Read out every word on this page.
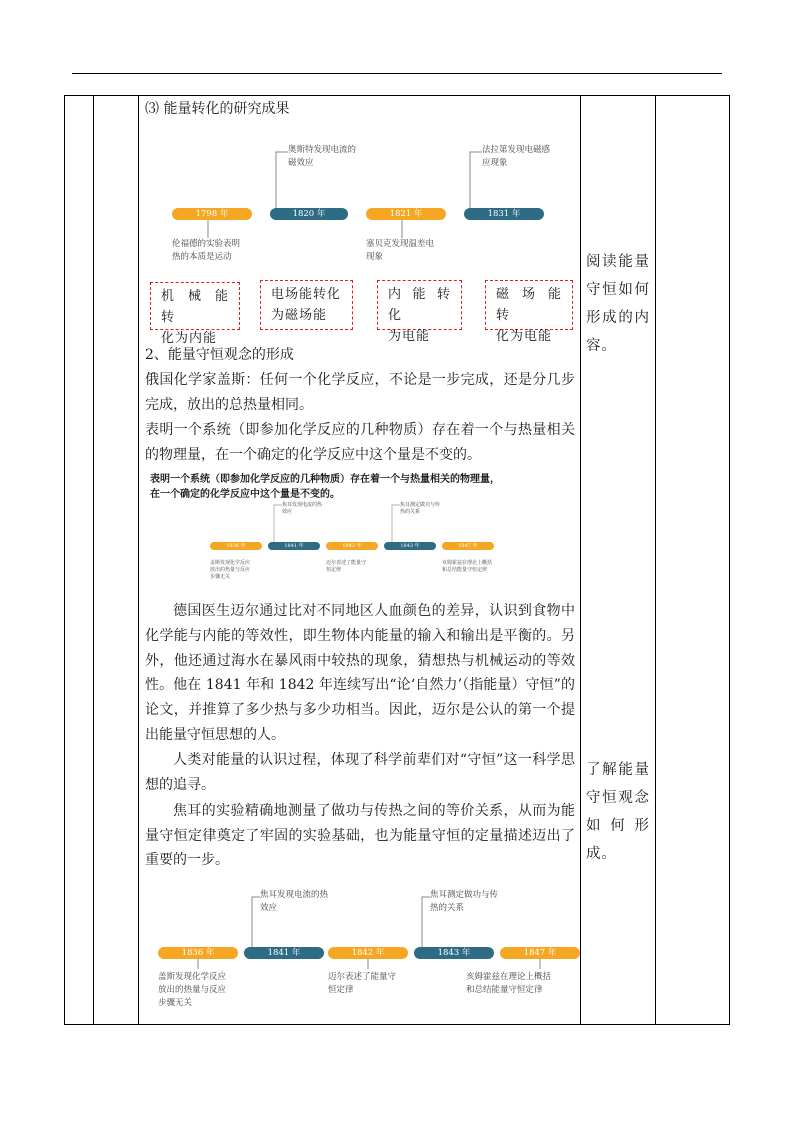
⑶ 能量转化的研究成果
1798 年	1820 年	1821 年	1831 年
奥斯特发现电流的
磁效应
法拉第发现电磁感
应现象
伦福德的实验表明
热的本质是运动
塞贝克发现温差电
现象
机 械 能 转
化为内能
电场能转化
为磁场能
内 能 转 化
为电能
磁 场 能 转
化为电能
2、能量守恒观念的形成
俄国化学家盖斯：任何一个化学反应，不论是一步完成，还是分几步完成，放出的总热量相同。
表明一个系统（即参加化学反应的几种物质）存在着一个与热量相关的物理量，在一个确定的化学反应中这个量是不变的。
表明一个系统（即参加化学反应的几种物质）存在着一个与热量相关的物理量，
在一个确定的化学反应中这个量是不变的。
1836 年	1841 年	1842 年	1843 年	1847 年
焦耳发现电流的热
效应
焦耳测定做功与传
热的关系
盖斯发现化学反应
放出的热量与反应
步骤无关
迈尔表述了能量守
恒定律
亥姆霍兹在理论上概括
和总结能量守恒定律
德国医生迈尔通过比对不同地区人血颜色的差异，认识到食物中化学能与内能的等效性，即生物体内能量的输入和输出是平衡的。另外，他还通过海水在暴风雨中较热的现象，猜想热与机械运动的等效性。他在 1841 年和 1842 年连续写出“论‘自然力’（指能量）守恒”的论文，并推算了多少热与多少功相当。因此，迈尔是公认的第一个提出能量守恒思想的人。
人类对能量的认识过程，体现了科学前辈们对“守恒”这一科学思想的追寻。
焦耳的实验精确地测量了做功与传热之间的等价关系，从而为能量守恒定律奠定了牢固的实验基础，也为能量守恒的定量描述迈出了重要的一步。
1836 年	1841 年	1842 年	1843 年	1847 年
焦耳发现电流的热
效应
焦耳测定做功与传
热的关系
盖斯发现化学反应
放出的热量与反应
步骤无关
迈尔表述了能量守
恒定律
亥姆霍兹在理论上概括
和总结能量守恒定律
阅读能量守恒如何形成的内容。
了解能量守恒观念如何形成。
